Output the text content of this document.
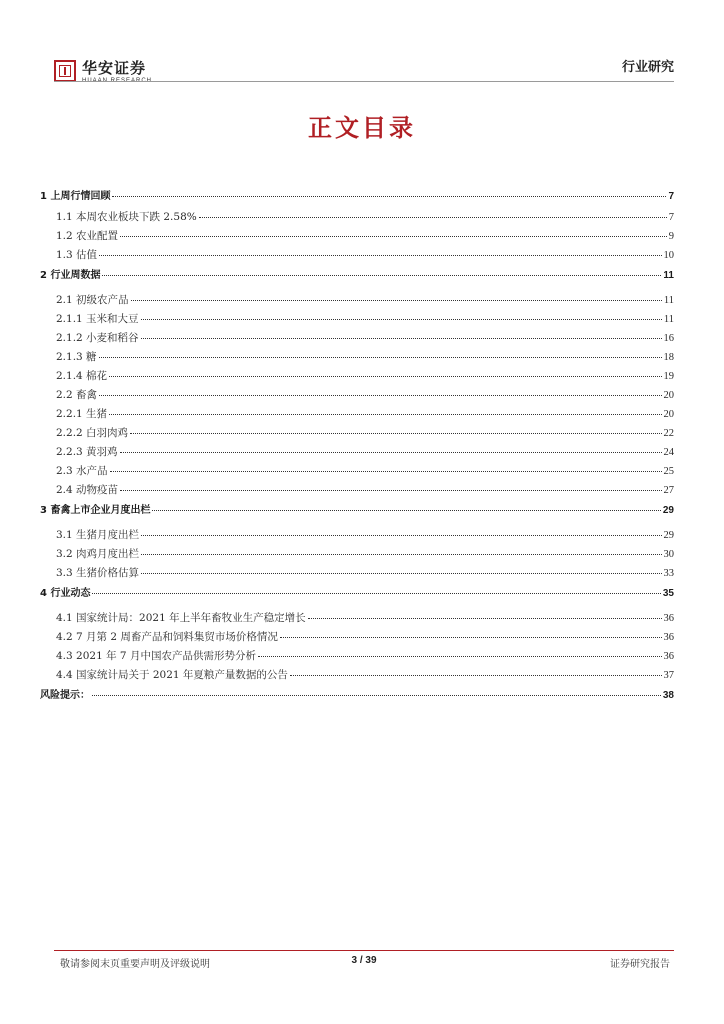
华安证券
HUAAN RESEARCH
行业研究
正文目录
1 上周行情回顾	7
1.1 本周农业板块下跌 2.58%	7
1.2 农业配置	9
1.3 估值	10
2 行业周数据	11
2.1 初级农产品	11
2.1.1 玉米和大豆	11
2.1.2 小麦和稻谷	16
2.1.3 糖	18
2.1.4 棉花	19
2.2 畜禽	20
2.2.1 生猪	20
2.2.2 白羽肉鸡	22
2.2.3 黄羽鸡	24
2.3 水产品	25
2.4 动物疫苗	27
3 畜禽上市企业月度出栏	29
3.1 生猪月度出栏	29
3.2 肉鸡月度出栏	30
3.3 生猪价格估算	33
4 行业动态	35
4.1 国家统计局：2021 年上半年畜牧业生产稳定增长	36
4.2 7 月第 2 周畜产品和饲料集贸市场价格情况	36
4.3 2021 年 7 月中国农产品供需形势分析	36
4.4 国家统计局关于 2021 年夏粮产量数据的公告	37
风险提示：	38
敬请参阅末页重要声明及评级说明	3 / 39	证券研究报告
